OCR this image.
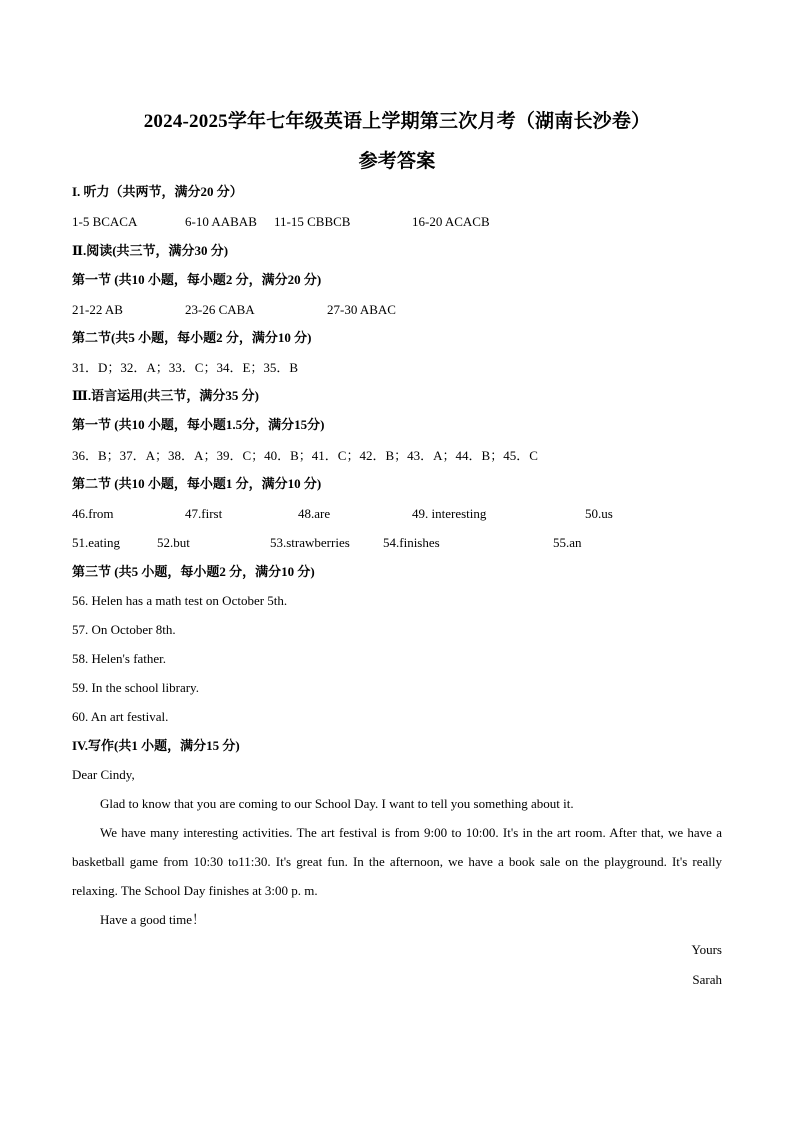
2024-2025学年七年级英语上学期第三次月考（湖南长沙卷）
参考答案
I. 听力（共两节，满分20 分）
1-5 BCACA	6-10 AABAB 11-15 CBBCB	16-20 ACACB
Ⅱ.阅读(共三节，满分30 分)
第一节 (共10 小题，每小题2 分，满分20 分)
21-22 AB	23-26 CABA	27-30 ABAC
第二节(共5 小题，每小题2 分，满分10 分)
31．D；32．A；33．C；34．E；35．B
Ⅲ.语言运用(共三节，满分35 分)
第一节 (共10 小题，每小题1.5分，满分15分)
36．B；37．A；38．A；39．C；40．B；41．C；42．B；43．A；44．B；45．C
第二节 (共10 小题，每小题1 分，满分10 分)
46.from	47.first	48.are	49. interesting	50.us
51.eating	52.but	53.strawberries	54.finishes	55.an
第三节 (共5 小题，每小题2 分，满分10 分)
56. Helen has a math test on October 5th.
57. On October 8th.
58. Helen's father.
59. In the school library.
60. An art festival.
IV.写作(共1 小题，满分15 分)
Dear Cindy,
Glad to know that you are coming to our School Day. I want to tell you something about it.
We have many interesting activities. The art festival is from 9:00 to 10:00. It's in the art room. After that, we have a basketball game from 10:30 to11:30. It's great fun. In the afternoon, we have a book sale on the playground. It's really relaxing. The School Day finishes at 3:00 p. m.
Have a good time！
Yours
Sarah
